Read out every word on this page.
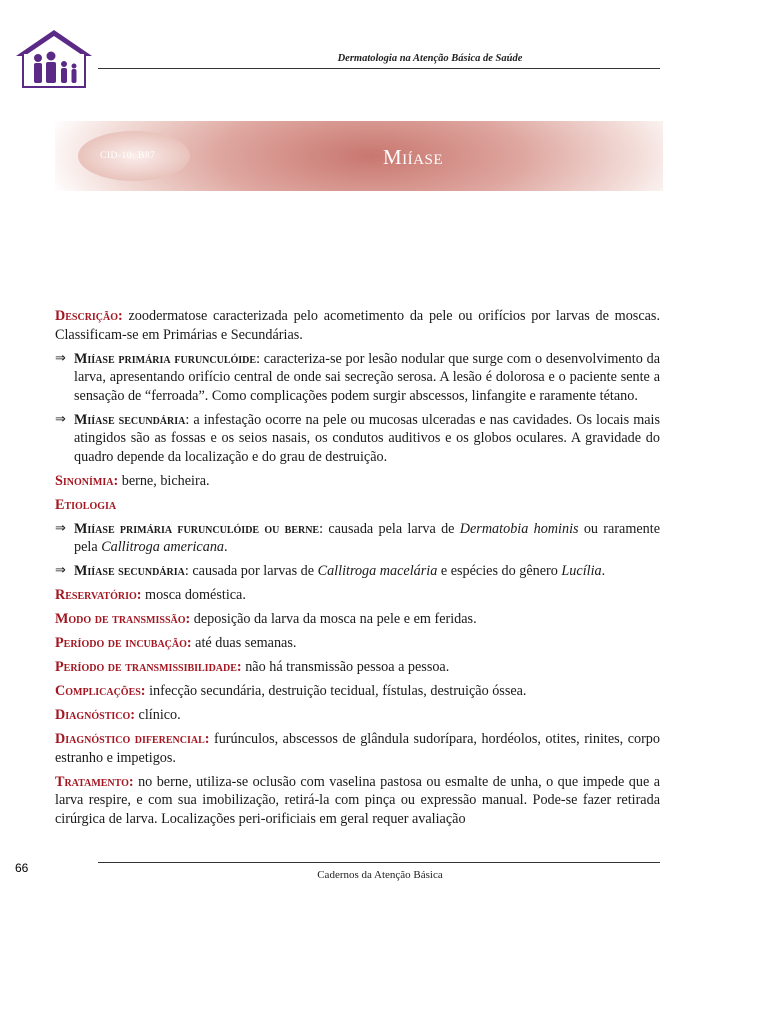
Dermatologia na Atenção Básica de Saúde
CID-10: B87	Miíase

Descrição: zoodermatose caracterizada pelo acometimento da pele ou orifícios por larvas de moscas. Classificam-se em Primárias e Secundárias.

⇒ Miíase primária furunculóide: caracteriza-se por lesão nodular que surge com o desenvolvimento da larva, apresentando orifício central de onde sai secreção serosa. A lesão é dolorosa e o paciente sente a sensação de “ferroada”. Como complicações podem surgir abscessos, linfangite e raramente tétano.
⇒ Miíase secundária: a infestação ocorre na pele ou mucosas ulceradas e nas cavidades. Os locais mais atingidos são as fossas e os seios nasais, os condutos auditivos e os globos oculares. A gravidade do quadro depende da localização e do grau de destruição.

Sinonímia: berne, bicheira.

Etiologia

⇒ Miíase primária furunculóide ou berne: causada pela larva de Dermatobia hominis ou raramente pela Callitroga americana.
⇒ Miíase secundária: causada por larvas de Callitroga macelária e espécies do gênero Lucília.

Reservatório: mosca doméstica.

Modo de transmissão: deposição da larva da mosca na pele e em feridas.

Período de incubação: até duas semanas.

Período de transmissibilidade: não há transmissão pessoa a pessoa.

Complicações: infecção secundária, destruição tecidual, fístulas, destruição óssea.

Diagnóstico: clínico.

Diagnóstico diferencial: furúnculos, abscessos de glândula sudorípara, hordéolos, otites, rinites, corpo estranho e impetigos.

Tratamento: no berne, utiliza-se oclusão com vaselina pastosa ou esmalte de unha, o que impede que a larva respire, e com sua imobilização, retirá-la com pinça ou expressão manual. Pode-se fazer retirada cirúrgica de larva. Localizações peri-orificiais em geral requer avaliação

66	Cadernos da Atenção Básica
